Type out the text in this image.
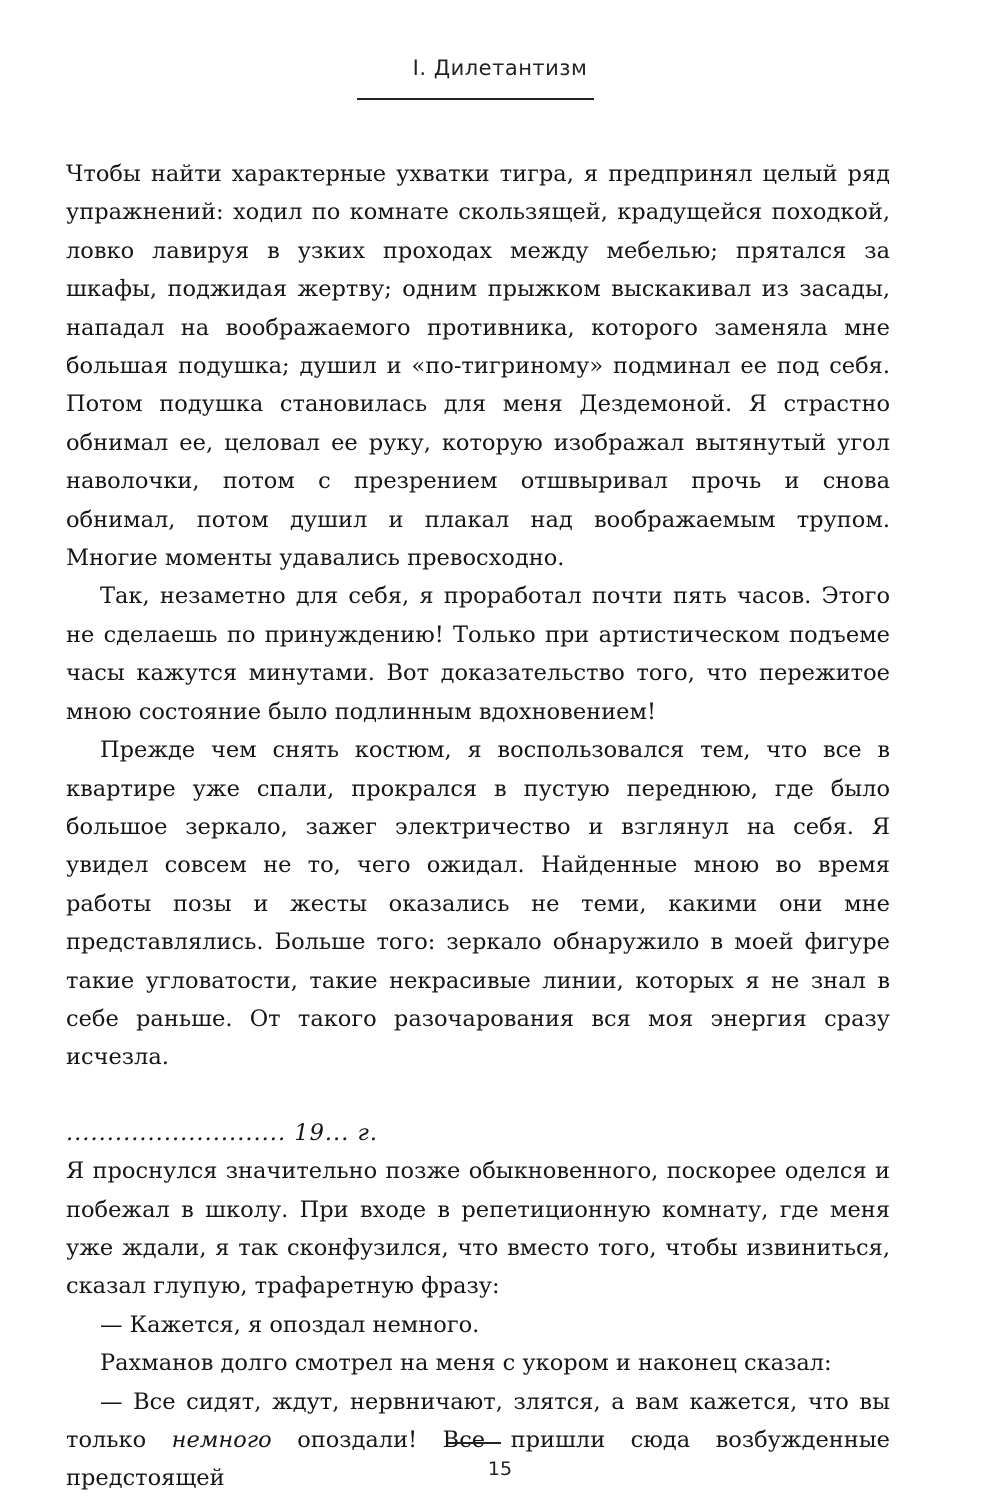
I. Дилетантизм

Чтобы найти характерные ухватки тигра, я предпринял целый ряд упражнений: ходил по комнате скользящей, крадущейся походкой, ловко лавируя в узких проходах между мебелью; прятался за шкафы, поджидая жертву; одним прыжком выскакивал из засады, нападал на воображаемого противника, которого заменяла мне большая подушка; душил и «по-тигриному» подминал ее под себя. Потом подушка становилась для меня Дездемоной. Я страстно обнимал ее, целовал ее руку, которую изображал вытянутый угол наволочки, потом с презрением отшвыривал прочь и снова обнимал, потом душил и плакал над воображаемым трупом. Многие моменты удавались превосходно.

Так, незаметно для себя, я проработал почти пять часов. Этого не сделаешь по принуждению! Только при артистическом подъеме часы кажутся минутами. Вот доказательство того, что пережитое мною состояние было подлинным вдохновением!

Прежде чем снять костюм, я воспользовался тем, что все в квартире уже спали, прокрался в пустую переднюю, где было большое зеркало, зажег электричество и взглянул на себя. Я увидел совсем не то, чего ожидал. Найденные мною во время работы позы и жесты оказались не теми, какими они мне представлялись. Больше того: зеркало обнаружило в моей фигуре такие угловатости, такие некрасивые линии, которых я не знал в себе раньше. От такого разочарования вся моя энергия сразу исчезла.

........................... 19... г.

Я проснулся значительно позже обыкновенного, поскорее оделся и побежал в школу. При входе в репетиционную комнату, где меня уже ждали, я так сконфузился, что вместо того, чтобы извиниться, сказал глупую, трафаретную фразу:

— Кажется, я опоздал немного.

Рахманов долго смотрел на меня с укором и наконец сказал:

— Все сидят, ждут, нервничают, злятся, а вам кажется, что вы только немного опоздали! Все пришли сюда возбужденные предстоящей	15
